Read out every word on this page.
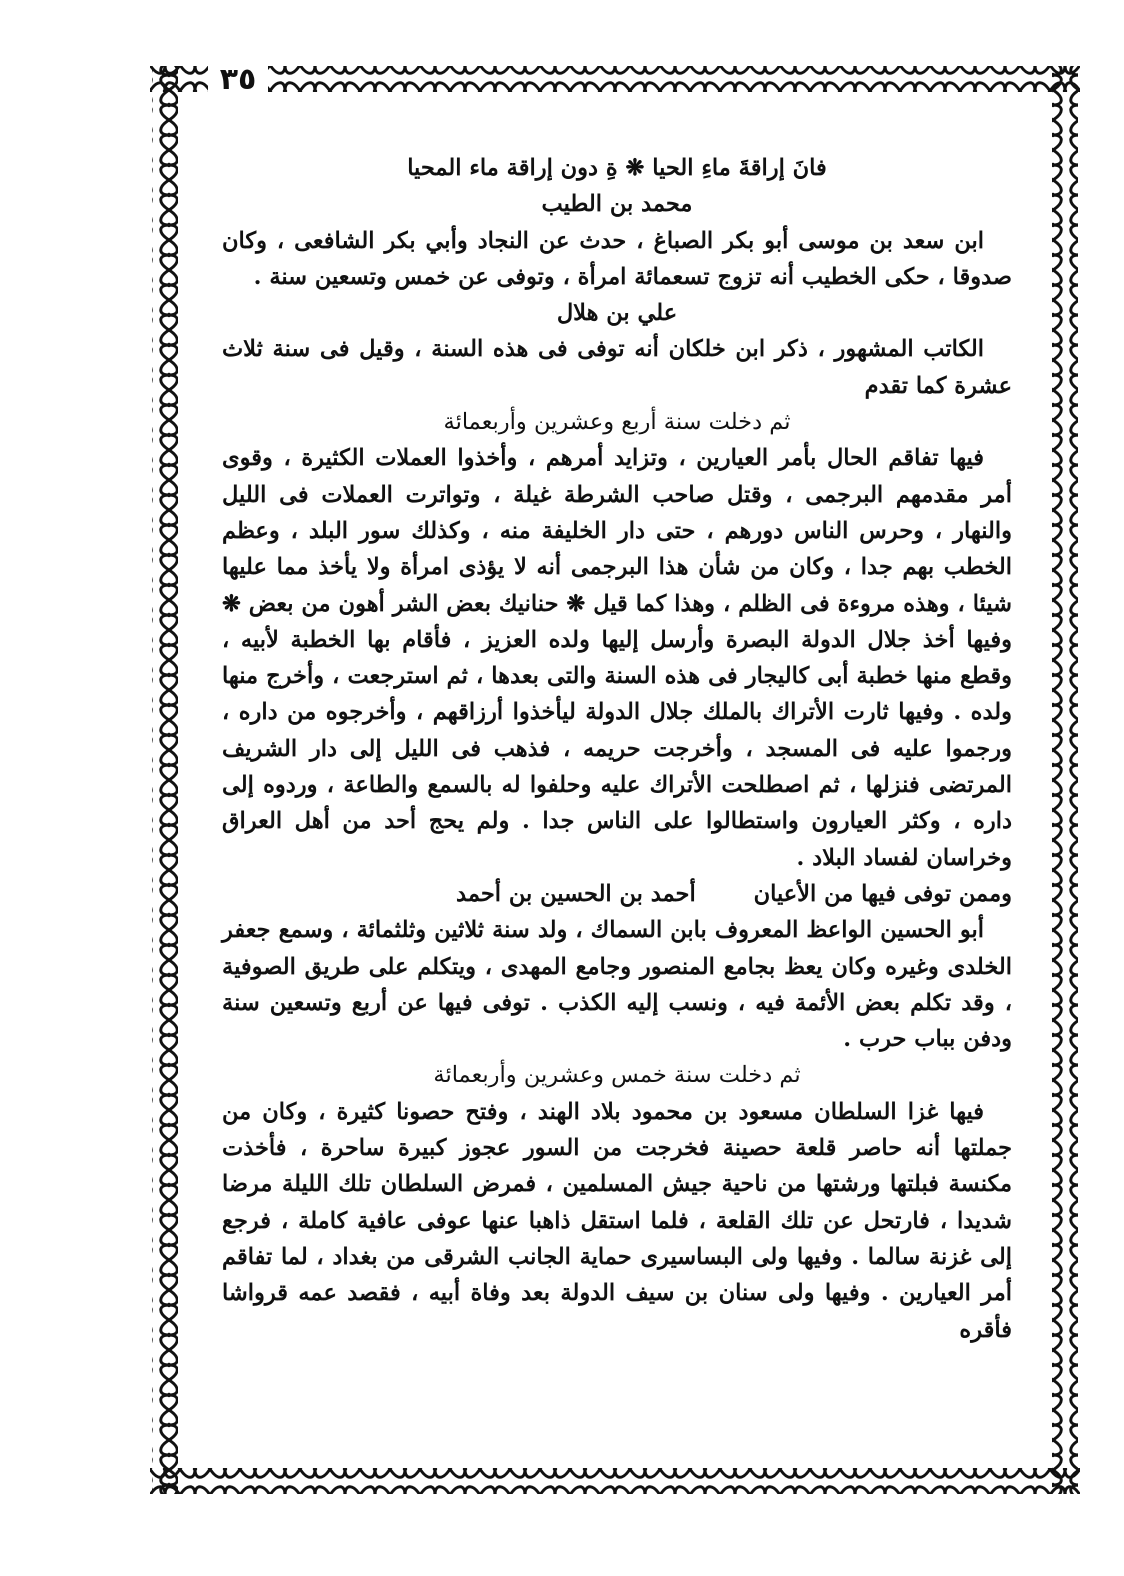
٣٥

فانَ إراقةَ ماءِ الحيا ❋ ةِ دون إراقة ماء المحيا

محمد بن الطيب

ابن سعد بن موسى أبو بكر الصباغ ، حدث عن النجاد وأبي بكر الشافعى ، وكان صدوقا ، حكى الخطيب أنه تزوج تسعمائة امرأة ، وتوفى عن خمس وتسعين سنة .

علي بن هلال

الكاتب المشهور ، ذكر ابن خلكان أنه توفى فى هذه السنة ، وقيل فى سنة ثلاث عشرة كما تقدم

ثم دخلت سنة أربع وعشرين وأربعمائة

فيها تفاقم الحال بأمر العيارين ، وتزايد أمرهم ، وأخذوا العملات الكثيرة ، وقوى أمر مقدمهم البرجمى ، وقتل صاحب الشرطة غيلة ، وتواترت العملات فى الليل والنهار ، وحرس الناس دورهم ، حتى دار الخليفة منه ، وكذلك سور البلد ، وعظم الخطب بهم جدا ، وكان من شأن هذا البرجمى أنه لا يؤذى امرأة ولا يأخذ مما عليها شيئا ، وهذه مروءة فى الظلم ، وهذا كما قيل ❋ حنانيك بعض الشر أهون من بعض ❋ وفيها أخذ جلال الدولة البصرة وأرسل إليها ولده العزيز ، فأقام بها الخطبة لأبيه ، وقطع منها خطبة أبى كاليجار فى هذه السنة والتى بعدها ، ثم استرجعت ، وأخرج منها ولده . وفيها ثارت الأتراك بالملك جلال الدولة ليأخذوا أرزاقهم ، وأخرجوه من داره ، ورجموا عليه فى المسجد ، وأخرجت حريمه ، فذهب فى الليل إلى دار الشريف المرتضى فنزلها ، ثم اصطلحت الأتراك عليه وحلفوا له بالسمع والطاعة ، وردوه إلى داره ، وكثر العيارون واستطالوا على الناس جدا . ولم يحج أحد من أهل العراق وخراسان لفساد البلاد .

وممن توفى فيها من الأعيان أحمد بن الحسين بن أحمد

أبو الحسين الواعظ المعروف بابن السماك ، ولد سنة ثلاثين وثلثمائة ، وسمع جعفر الخلدى وغيره وكان يعظ بجامع المنصور وجامع المهدى ، ويتكلم على طريق الصوفية ، وقد تكلم بعض الأئمة فيه ، ونسب إليه الكذب . توفى فيها عن أربع وتسعين سنة ودفن بباب حرب .

ثم دخلت سنة خمس وعشرين وأربعمائة

فيها غزا السلطان مسعود بن محمود بلاد الهند ، وفتح حصونا كثيرة ، وكان من جملتها أنه حاصر قلعة حصينة فخرجت من السور عجوز كبيرة ساحرة ، فأخذت مكنسة فبلتها ورشتها من ناحية جيش المسلمين ، فمرض السلطان تلك الليلة مرضا شديدا ، فارتحل عن تلك القلعة ، فلما استقل ذاهبا عنها عوفى عافية كاملة ، فرجع إلى غزنة سالما . وفيها ولى البساسيرى حماية الجانب الشرقى من بغداد ، لما تفاقم أمر العيارين . وفيها ولى سنان بن سيف الدولة بعد وفاة أبيه ، فقصد عمه قرواشا فأقره
